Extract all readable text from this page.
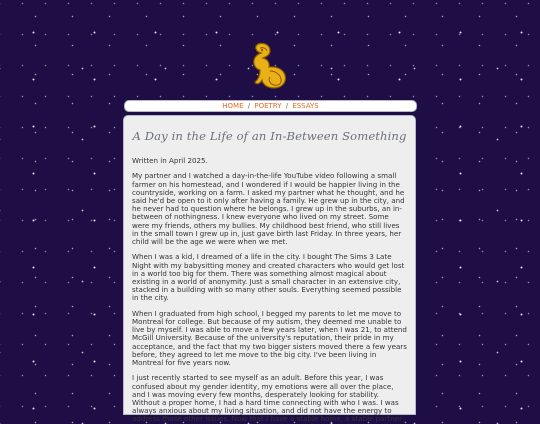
HOME / POETRY / ESSAYS
A Day in the Life of an In-Between Something

Written in April 2025.

My partner and I watched a day-in-the-life YouTube video following a small farmer on his homestead, and I wondered if I would be happier living in the countryside, working on a farm. I asked my partner what he thought, and he said he'd be open to it only after having a family. He grew up in the city, and he never had to question where he belongs. I grew up in the suburbs, an in-between of nothingness. I knew everyone who lived on my street. Some were my friends, others my bullies. My childhood best friend, who still lives in the small town I grew up in, just gave birth last Friday. In three years, her child will be the age we were when we met.

When I was a kid, I dreamed of a life in the city. I bought The Sims 3 Late Night with my babysitting money and created characters who would get lost in a world too big for them. There was something almost magical about existing in a world of anonymity. Just a small character in an extensive city, stacked in a building with so many other souls. Everything seemed possible in the city.

When I graduated from high school, I begged my parents to let me move to Montreal for college. But because of my autism, they deemed me unable to live by myself. I was able to move a few years later, when I was 21, to attend McGill University. Because of the university's reputation, their pride in my acceptance, and the fact that my two bigger sisters moved there a few years before, they agreed to let me move to the big city. I've been living in Montreal for five years now.

I just recently started to see myself as an adult. Before this year, I was confused about my gender identity, my emotions were all over the place, and I was moving every few months, desperately looking for stability. Without a proper home, I had a hard time connecting with who I was. I was always anxious about my living situation, and did not have the energy to address those other issues. Now that I have a stable home, a stable partner,
